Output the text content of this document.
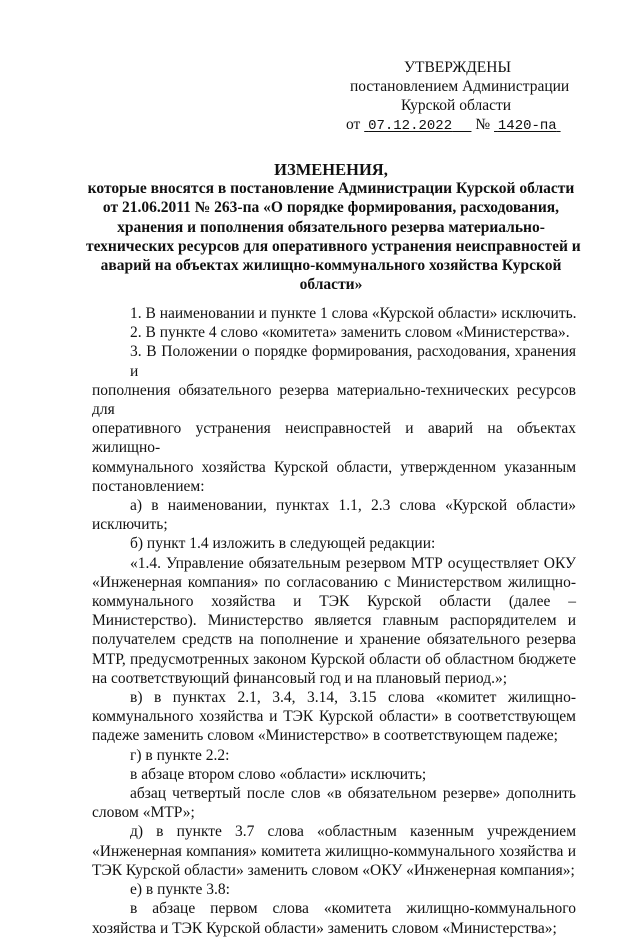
УТВЕРЖДЕНЫ
постановлением Администрации
Курской области
от 07.12.2022 № 1420-па
ИЗМЕНЕНИЯ,
которые вносятся в постановление Администрации Курской области
от 21.06.2011 № 263-па «О порядке формирования, расходования,
хранения и пополнения обязательного резерва материально-
технических ресурсов для оперативного устранения неисправностей и
аварий на объектах жилищно-коммунального хозяйства Курской
области»
1. В наименовании и пункте 1 слова «Курской области» исключить.
2. В пункте 4 слово «комитета» заменить словом «Министерства».
3. В Положении о порядке формирования, расходования, хранения и
пополнения обязательного резерва материально-технических ресурсов для
оперативного устранения неисправностей и аварий на объектах жилищно-
коммунального хозяйства Курской области, утвержденном указанным
постановлением:
а) в наименовании, пунктах 1.1, 2.3 слова «Курской области»
исключить;
б) пункт 1.4 изложить в следующей редакции:
«1.4. Управление обязательным резервом МТР осуществляет ОКУ
«Инженерная компания» по согласованию с Министерством жилищно-
коммунального хозяйства и ТЭК Курской области (далее –
Министерство). Министерство является главным распорядителем и
получателем средств на пополнение и хранение обязательного резерва
МТР, предусмотренных законом Курской области об областном бюджете
на соответствующий финансовый год и на плановый период.»;
в) в пунктах 2.1, 3.4, 3.14, 3.15 слова «комитет жилищно-
коммунального хозяйства и ТЭК Курской области» в соответствующем
падеже заменить словом «Министерство» в соответствующем падеже;
г) в пункте 2.2:
в абзаце втором слово «области» исключить;
абзац четвертый после слов «в обязательном резерве» дополнить
словом «МТР»;
д) в пункте 3.7 слова «областным казенным учреждением
«Инженерная компания» комитета жилищно-коммунального хозяйства и
ТЭК Курской области» заменить словом «ОКУ «Инженерная компания»;
е) в пункте 3.8:
в абзаце первом слова «комитета жилищно-коммунального
хозяйства и ТЭК Курской области» заменить словом «Министерства»;
